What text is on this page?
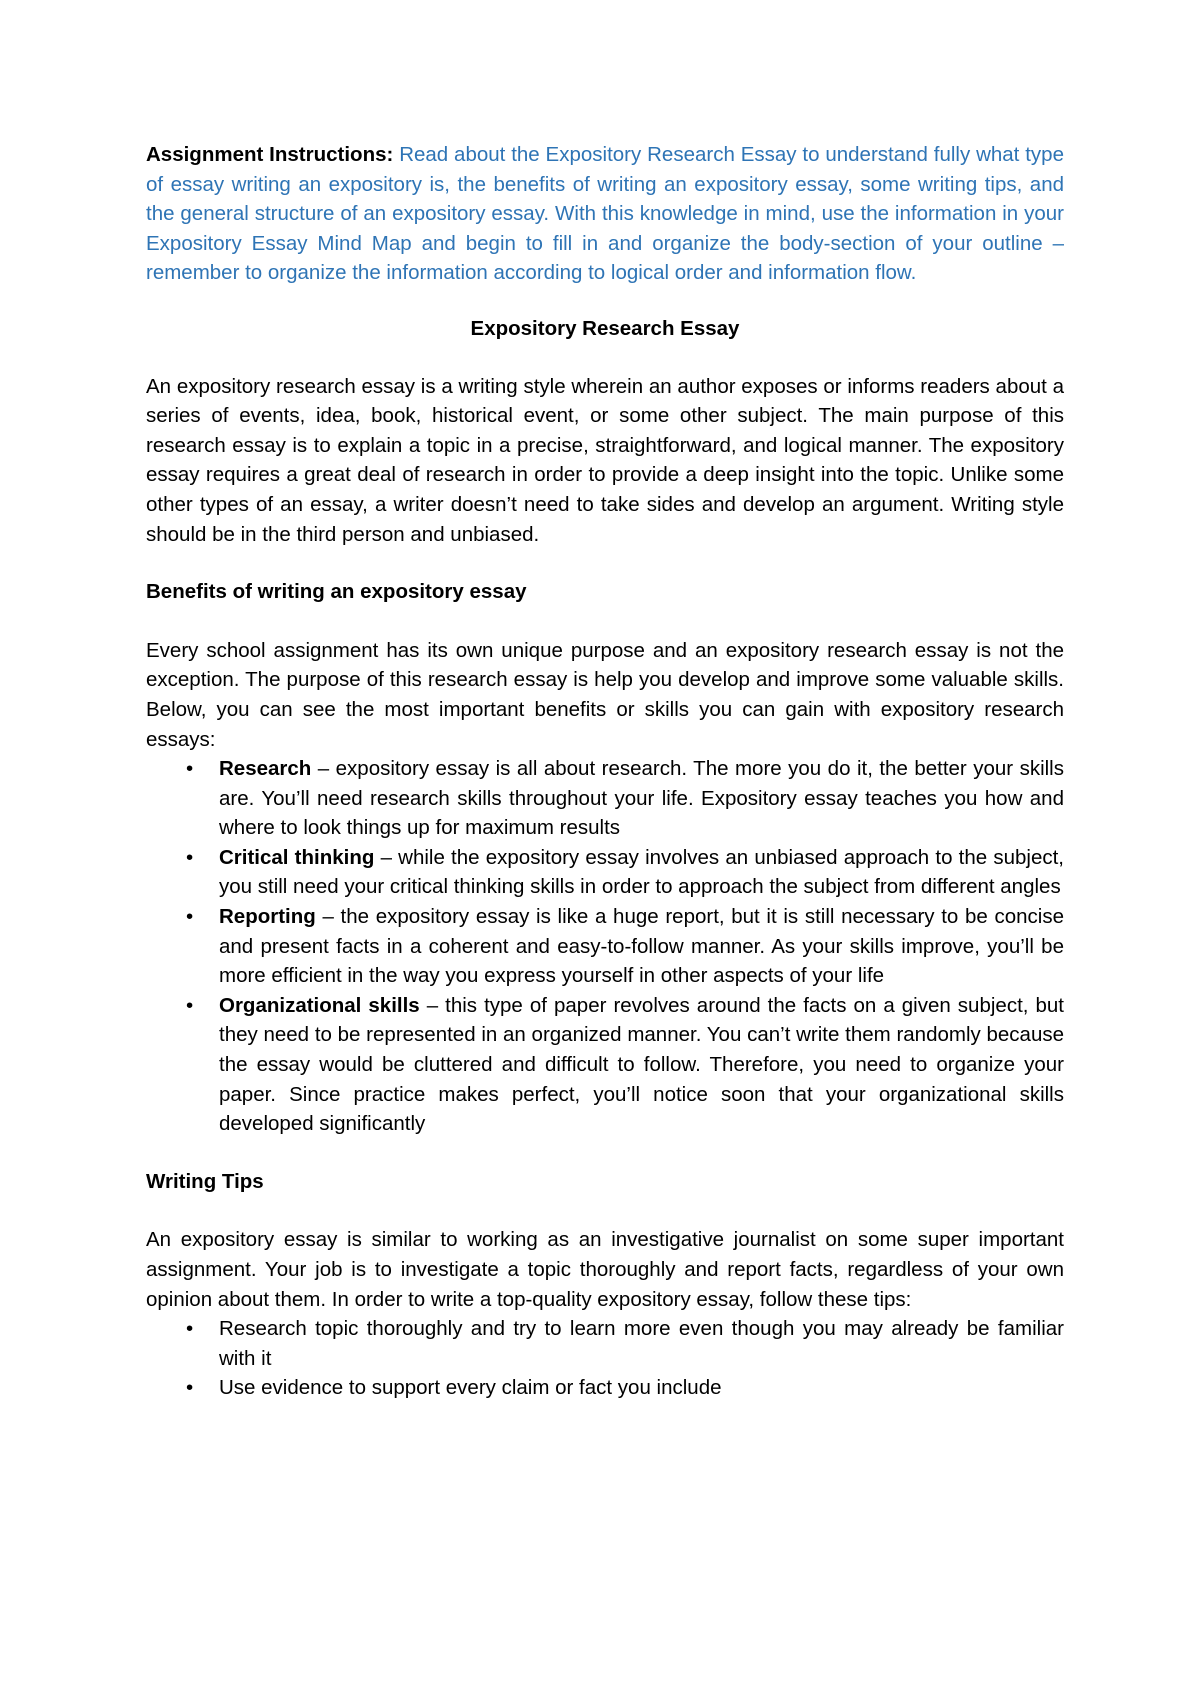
Assignment Instructions: Read about the Expository Research Essay to understand fully what type of essay writing an expository is, the benefits of writing an expository essay, some writing tips, and the general structure of an expository essay. With this knowledge in mind, use the information in your Expository Essay Mind Map and begin to fill in and organize the body-section of your outline – remember to organize the information according to logical order and information flow.

Expository Research Essay

An expository research essay is a writing style wherein an author exposes or informs readers about a series of events, idea, book, historical event, or some other subject. The main purpose of this research essay is to explain a topic in a precise, straightforward, and logical manner. The expository essay requires a great deal of research in order to provide a deep insight into the topic. Unlike some other types of an essay, a writer doesn’t need to take sides and develop an argument. Writing style should be in the third person and unbiased.

Benefits of writing an expository essay

Every school assignment has its own unique purpose and an expository research essay is not the exception. The purpose of this research essay is help you develop and improve some valuable skills. Below, you can see the most important benefits or skills you can gain with expository research essays:

• Research – expository essay is all about research. The more you do it, the better your skills are. You’ll need research skills throughout your life. Expository essay teaches you how and where to look things up for maximum results
• Critical thinking – while the expository essay involves an unbiased approach to the subject, you still need your critical thinking skills in order to approach the subject from different angles
• Reporting – the expository essay is like a huge report, but it is still necessary to be concise and present facts in a coherent and easy-to-follow manner. As your skills improve, you’ll be more efficient in the way you express yourself in other aspects of your life
• Organizational skills – this type of paper revolves around the facts on a given subject, but they need to be represented in an organized manner. You can’t write them randomly because the essay would be cluttered and difficult to follow. Therefore, you need to organize your paper. Since practice makes perfect, you’ll notice soon that your organizational skills developed significantly

Writing Tips

An expository essay is similar to working as an investigative journalist on some super important assignment. Your job is to investigate a topic thoroughly and report facts, regardless of your own opinion about them. In order to write a top-quality expository essay, follow these tips:

• Research topic thoroughly and try to learn more even though you may already be familiar with it
• Use evidence to support every claim or fact you include
